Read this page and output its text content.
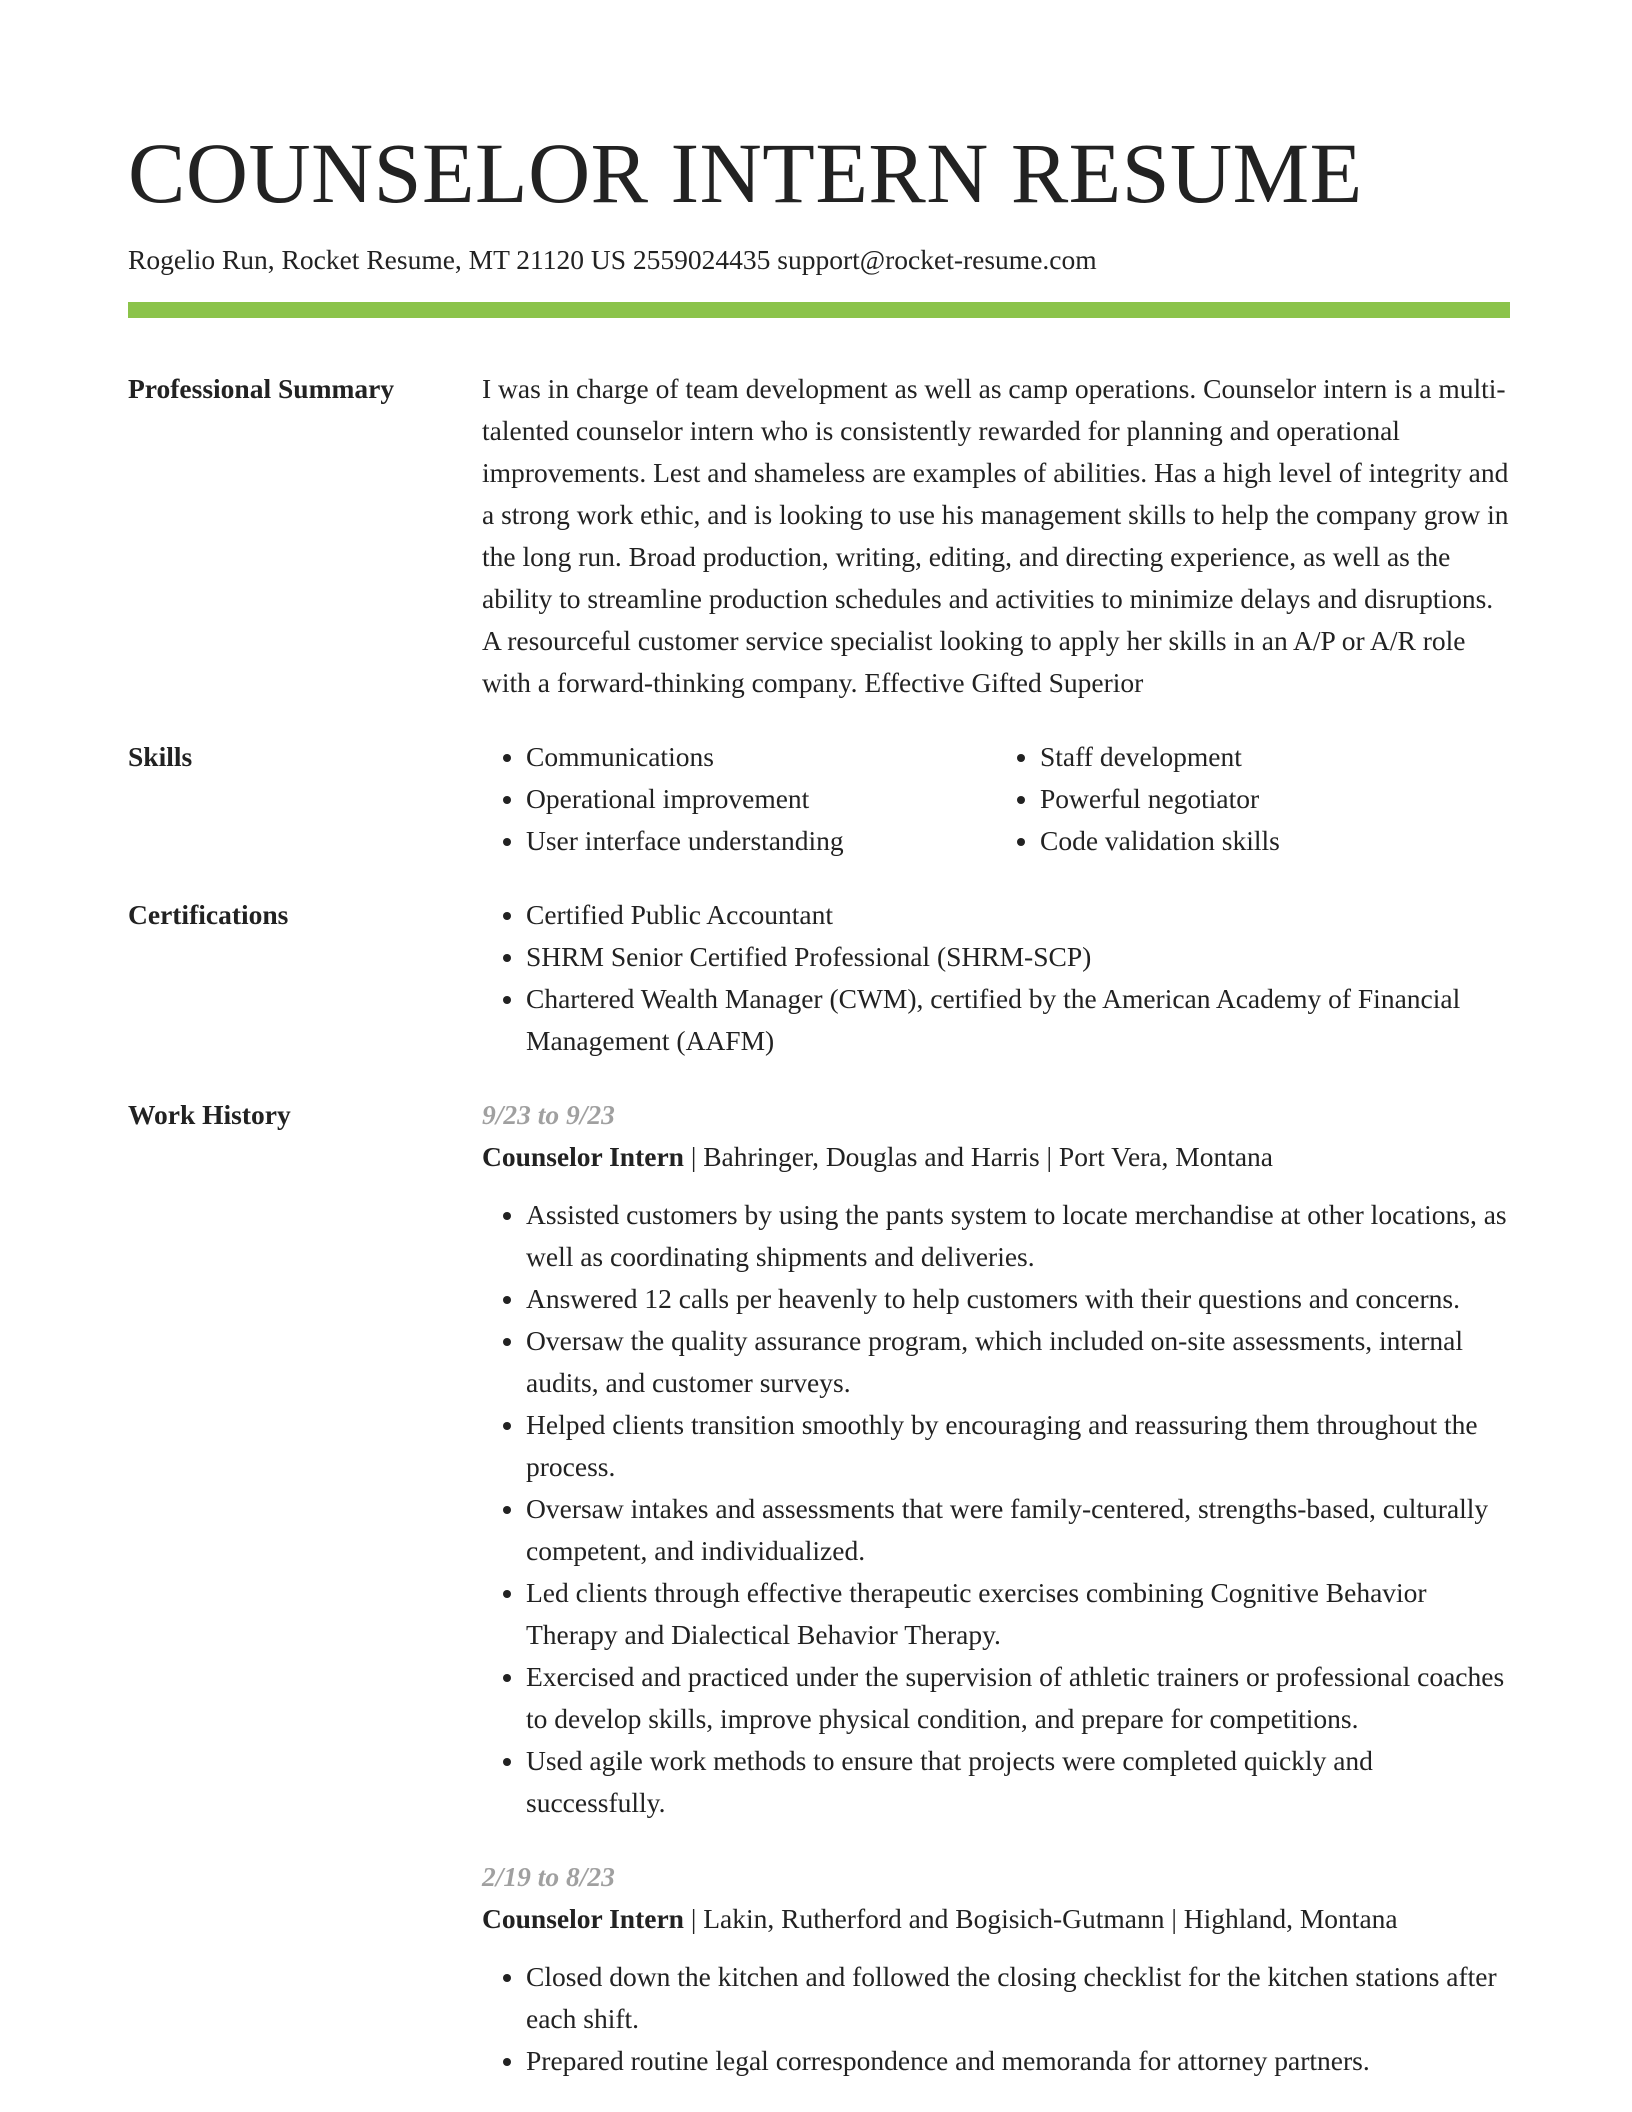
COUNSELOR INTERN RESUME
Rogelio Run, Rocket Resume, MT 21120 US 2559024435 support@rocket-resume.com
Professional Summary	I was in charge of team development as well as camp operations. Counselor intern is a multi-talented counselor intern who is consistently rewarded for planning and operational improvements. Lest and shameless are examples of abilities. Has a high level of integrity and a strong work ethic, and is looking to use his management skills to help the company grow in the long run. Broad production, writing, editing, and directing experience, as well as the ability to streamline production schedules and activities to minimize delays and disruptions. A resourceful customer service specialist looking to apply her skills in an A/P or A/R role with a forward-thinking company. Effective Gifted Superior

Skills	• Communications
• Operational improvement
• User interface understanding
• Staff development
• Powerful negotiator
• Code validation skills
Certifications	• Certified Public Accountant
• SHRM Senior Certified Professional (SHRM-SCP)
• Chartered Wealth Manager (CWM), certified by the American Academy of Financial Management (AAFM)
Work History	9/23 to 9/23
Counselor Intern | Bahringer, Douglas and Harris | Port Vera, Montana
• Assisted customers by using the pants system to locate merchandise at other locations, as well as coordinating shipments and deliveries.
• Answered 12 calls per heavenly to help customers with their questions and concerns.
• Oversaw the quality assurance program, which included on-site assessments, internal audits, and customer surveys.
• Helped clients transition smoothly by encouraging and reassuring them throughout the process.
• Oversaw intakes and assessments that were family-centered, strengths-based, culturally competent, and individualized.
• Led clients through effective therapeutic exercises combining Cognitive Behavior Therapy and Dialectical Behavior Therapy.
• Exercised and practiced under the supervision of athletic trainers or professional coaches to develop skills, improve physical condition, and prepare for competitions.
• Used agile work methods to ensure that projects were completed quickly and successfully.
2/19 to 8/23
Counselor Intern | Lakin, Rutherford and Bogisich-Gutmann | Highland, Montana
• Closed down the kitchen and followed the closing checklist for the kitchen stations after each shift.
• Prepared routine legal correspondence and memoranda for attorney partners.
